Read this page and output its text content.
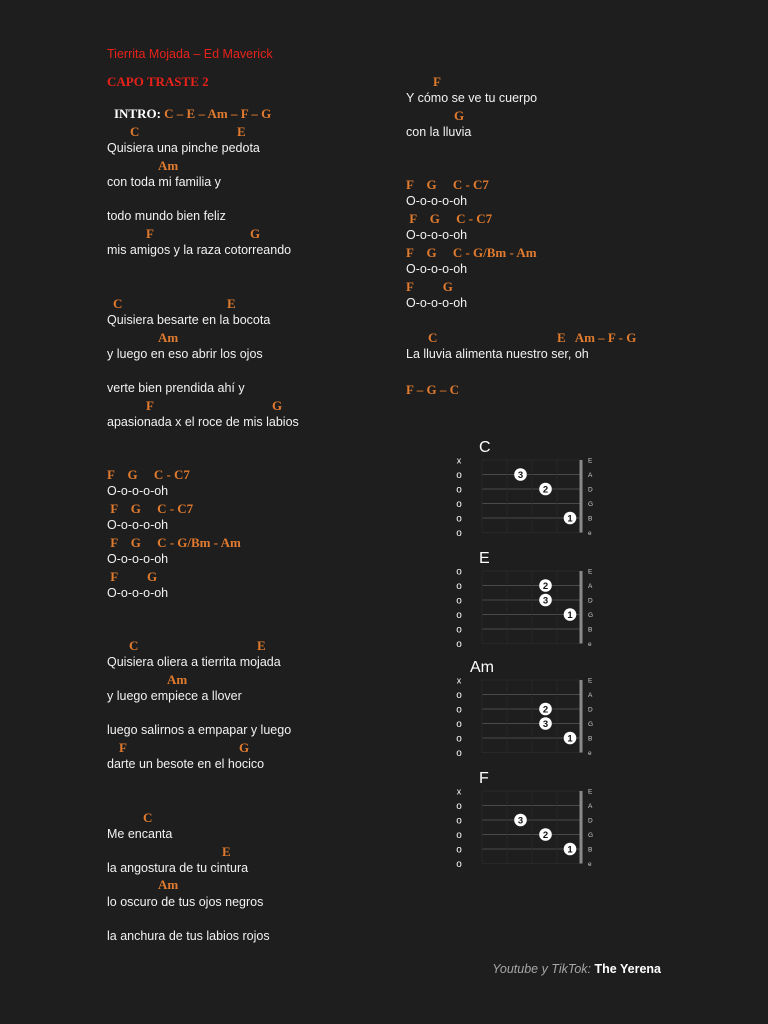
Tierrita Mojada – Ed Maverick
CAPO TRASTE 2

INTRO: C – E – Am – F – G

C	E
Quisiera una pinche pedota
Am
con toda mi familia y
todo mundo bien feliz
F	G
mis amigos y la raza cotorreando
C	E
Quisiera besarte en la bocota
Am
y luego en eso abrir los ojos
verte bien prendida ahí y
F	G
apasionada x el roce de mis labios
F    G     C - C7
O-o-o-o-oh
F    G     C - C7
O-o-o-o-oh
F    G     C - G/Bm - Am
O-o-o-o-oh
F         G
O-o-o-o-oh
C	E
Quisiera oliera a tierrita mojada
Am
y luego empiece a llover
luego salirnos a empapar y luego
F	G
darte un besote en el hocico
C
Me encanta
E
la angostura de tu cintura
Am
lo oscuro de tus ojos negros
la anchura de tus labios rojos
F
Y cómo se ve tu cuerpo
G
con la lluvia
F    G     C - C7
O-o-o-o-oh
F    G     C - C7
O-o-o-o-oh
F    G     C - G/Bm - Am
O-o-o-o-oh
F         G
O-o-o-o-oh
C	E   Am – F - G
La lluvia alimenta nuestro ser, oh
F – G – C
C
x	E
o	A
o	D
o	G
o	B
o	e
3
2
1
E
o	E
o	A
o	D
o	G
o	B
o	e
2
3
1
Am
x	E
o	A
o	D
o	G
o	B
o	e
2
3
1
F
x	E
o	A
o	D
o	G
o	B
o	e
3
2
1
Youtube y TikTok: The Yerena
